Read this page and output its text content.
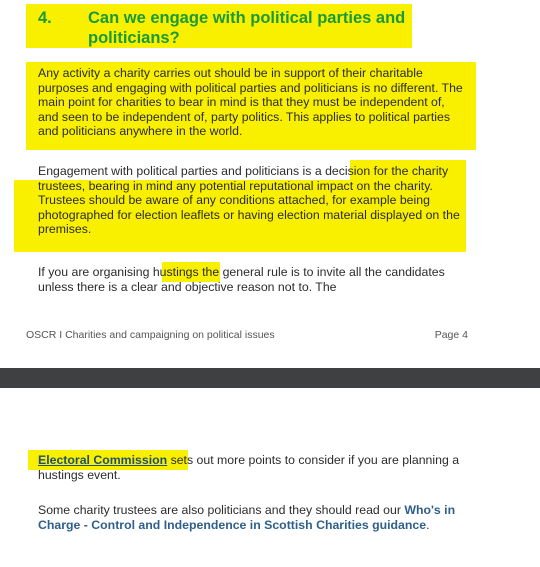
4. Can we engage with political parties and politicians?
Any activity a charity carries out should be in support of their charitable purposes and engaging with political parties and politicians is no different. The main point for charities to bear in mind is that they must be independent of, and seen to be independent of, party politics. This applies to political parties and politicians anywhere in the world.
Engagement with political parties and politicians is a decision for the charity trustees, bearing in mind any potential reputational impact on the charity. Trustees should be aware of any conditions attached, for example being photographed for election leaflets or having election material displayed on the premises.
If you are organising hustings the general rule is to invite all the candidates unless there is a clear and objective reason not to. The
OSCR I Charities and campaigning on political issues	Page 4
Electoral Commission sets out more points to consider if you are planning a hustings event.
Some charity trustees are also politicians and they should read our Who's in Charge - Control and Independence in Scottish Charities guidance.
